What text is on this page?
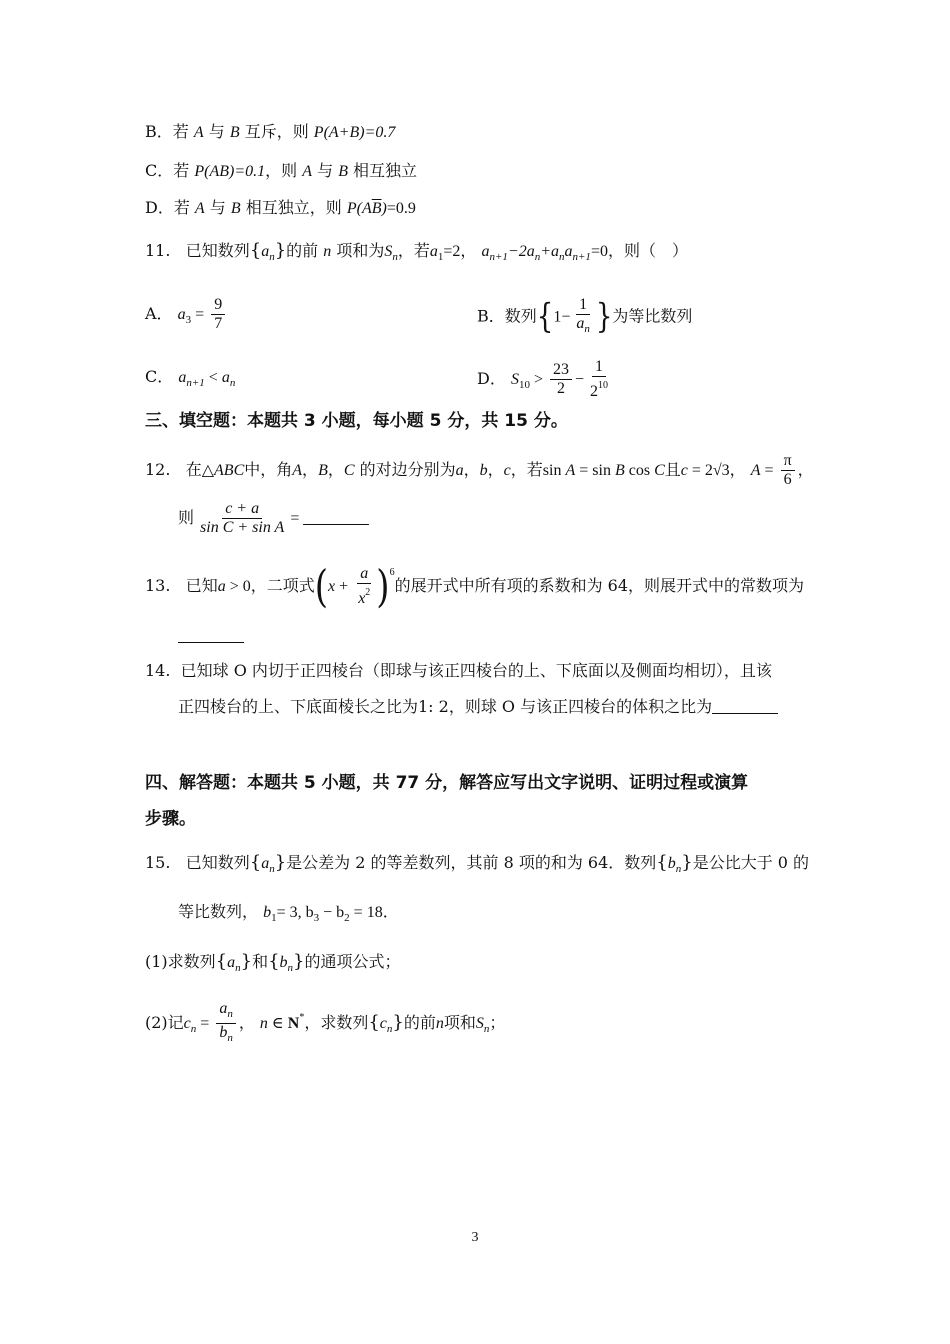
B．若 A 与 B 互斥，则 P(A+B)=0.7
C．若 P(AB)=0.1，则 A 与 B 相互独立
D．若 A 与 B 相互独立，则 $P(A\overline{B})=0.9$
11. 已知数列$\{a_n\}$的前 n 项和为$S_n$，若$a_1=2$， $a_{n+1}-2a_n+a_na_{n+1}=0$，则（　）
A． $a_3 = \frac{9}{7}$	B．数列{$1- \frac{1}{a_n}$ }为等比数列
C． $a_{n+1} < a_n$	D． $S_{10} > \frac{23}{2} - \frac{1}{2^{10}}$
三、填空题：本题共 3 小题，每小题 5 分，共 15 分。
12. 在△ABC中，角A，B，C 的对边分别为a，b，c，若sin A = sin B cos C且c = 2√3， $A = \frac{\pi}{6}$ ，
则 $\frac{c + a}{\text{sin C + sin A}}$ =
13. 已知a > 0，二项式$(x + \frac{a}{x^2} )^6$的展开式中所有项的系数和为 64，则展开式中的常数项为
14. 已知球 O 内切于正四棱台（即球与该正四棱台的上、下底面以及侧面均相切），且该
正四棱台的上、下底面棱长之比为1: 2，则球 O 与该正四棱台的体积之比为
四、解答题：本题共 5 小题，共 77 分，解答应写出文字说明、证明过程或演算
步骤。
15. 已知数列$\{a_n\}$是公差为 2 的等差数列，其前 8 项的和为 64．数列$\{b_n\}$是公比大于 0 的
等比数列， $b_1= 3$, $b_3 - b_2 = 18$．
(1)求数列$\{a_n\}$和$\{b_n\}$的通项公式；
(2)记$c_n = \frac{a_n}{b_n}$ ， n ∈ N*，求数列$\{c_n\}$的前n项和$S_n$；
3
